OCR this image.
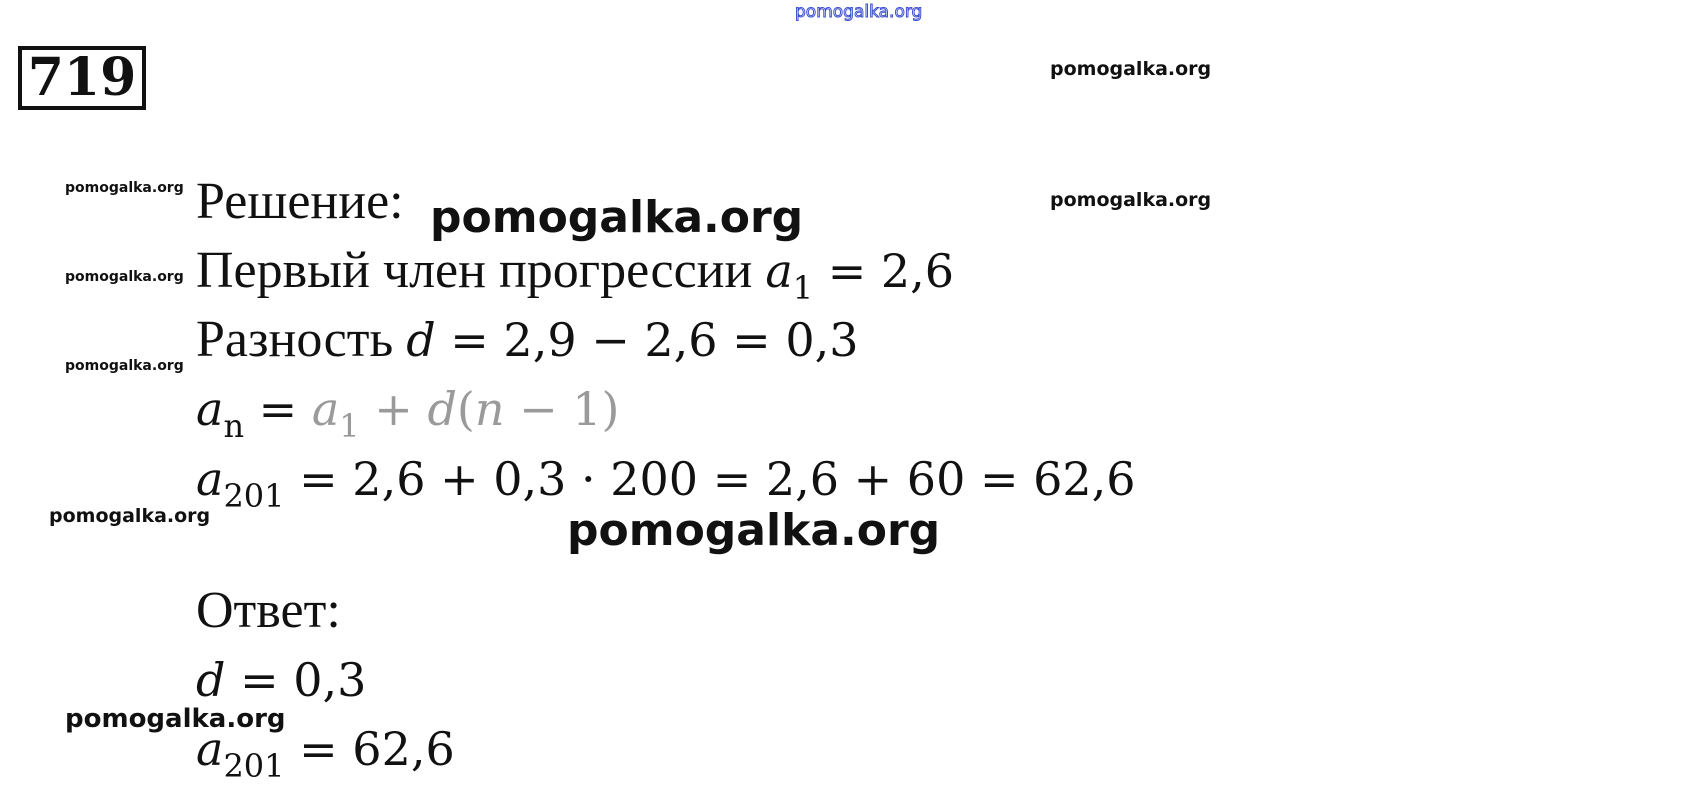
719
pomogalka.org
pomogalka.org
pomogalka.org
pomogalka.org
pomogalka.org
pomogalka.org
pomogalka.org
pomogalka.org
pomogalka.org
pomogalka.org
Решение:
Первый член прогрессии $a_1 = 2,6$
Разность d = 2,9 − 2,6 = 0,3
$a_n = a_1 + d(n - 1)$
$a_{201} = 2,6 + 0,3 \cdot 200 = 2,6 + 60 = 62,6$
Ответ:
d = 0,3
$a_{201} = 62,6$
